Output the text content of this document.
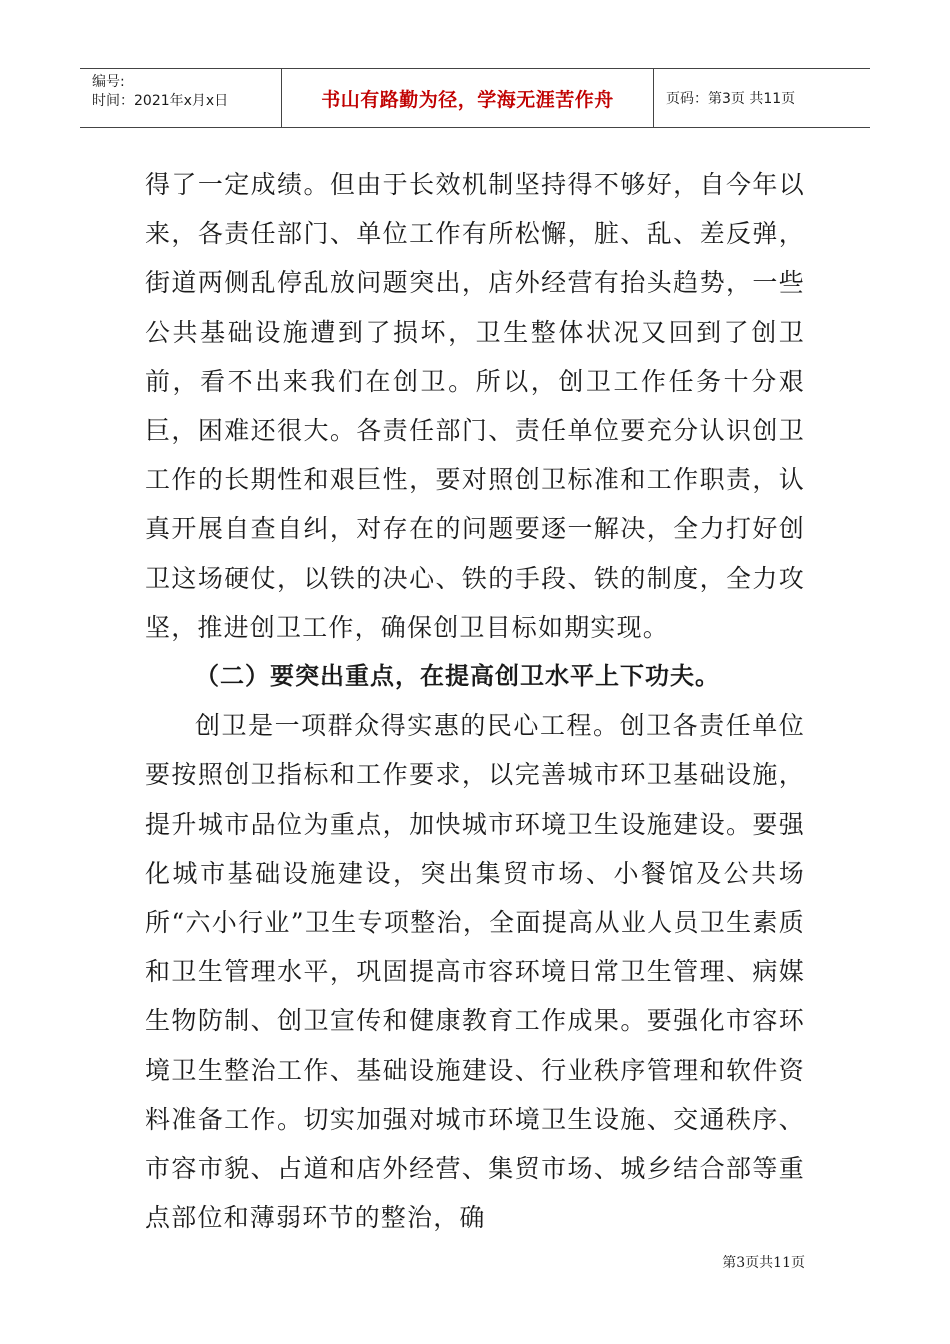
编号:
时间：2021年x月x日	书山有路勤为径，学海无涯苦作舟	页码：第3页 共11页

得了一定成绩。但由于长效机制坚持得不够好，自今年以来，各责任部门、单位工作有所松懈，脏、乱、差反弹，街道两侧乱停乱放问题突出，店外经营有抬头趋势，一些公共基础设施遭到了损坏，卫生整体状况又回到了创卫前，看不出来我们在创卫。所以，创卫工作任务十分艰巨，困难还很大。各责任部门、责任单位要充分认识创卫工作的长期性和艰巨性，要对照创卫标准和工作职责，认真开展自查自纠，对存在的问题要逐一解决，全力打好创卫这场硬仗，以铁的决心、铁的手段、铁的制度，全力攻坚，推进创卫工作，确保创卫目标如期实现。

（二）要突出重点，在提高创卫水平上下功夫。

创卫是一项群众得实惠的民心工程。创卫各责任单位要按照创卫指标和工作要求，以完善城市环卫基础设施，提升城市品位为重点，加快城市环境卫生设施建设。要强化城市基础设施建设，突出集贸市场、小餐馆及公共场所“六小行业”卫生专项整治，全面提高从业人员卫生素质和卫生管理水平，巩固提高市容环境日常卫生管理、病媒生物防制、创卫宣传和健康教育工作成果。要强化市容环境卫生整治工作、基础设施建设、行业秩序管理和软件资料准备工作。切实加强对城市环境卫生设施、交通秩序、市容市貌、占道和店外经营、集贸市场、城乡结合部等重点部位和薄弱环节的整治，确

第3页共11页
